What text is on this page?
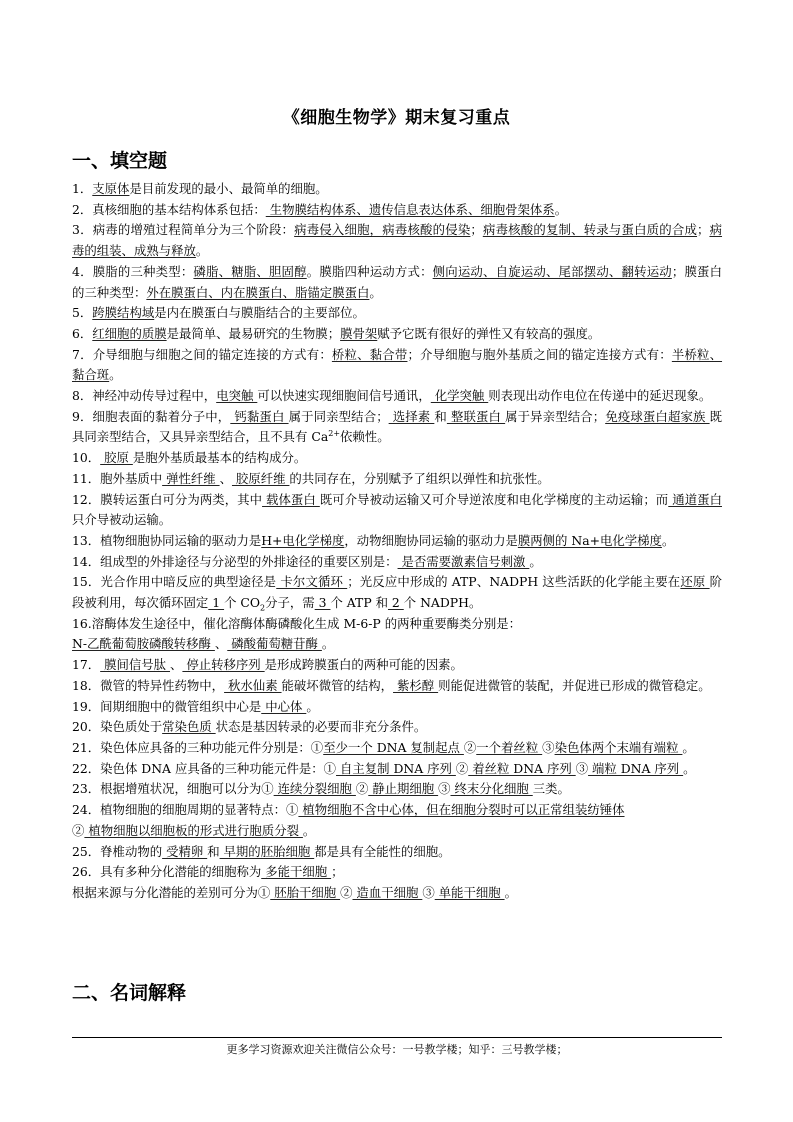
《细胞生物学》期末复习重点
一、填空题

1．支原体是目前发现的最小、最简单的细胞。

2．真核细胞的基本结构体系包括： 生物膜结构体系、遗传信息表达体系、细胞骨架体系。

3．病毒的增殖过程简单分为三个阶段：病毒侵入细胞，病毒核酸的侵染；病毒核酸的复制、转录与蛋白质的合成；病毒的组装、成熟与释放。

4．膜脂的三种类型：磷脂、糖脂、胆固醇。膜脂四种运动方式：侧向运动、自旋运动、尾部摆动、翻转运动；膜蛋白的三种类型：外在膜蛋白、内在膜蛋白、脂锚定膜蛋白。

5．跨膜结构域是内在膜蛋白与膜脂结合的主要部位。

6．红细胞的质膜是最简单、最易研究的生物膜；膜骨架赋予它既有很好的弹性又有较高的强度。

7．介导细胞与细胞之间的锚定连接的方式有：桥粒、黏合带；介导细胞与胞外基质之间的锚定连接方式有：半桥粒、黏合斑。

8．神经冲动传导过程中，电突触 可以快速实现细胞间信号通讯， 化学突触 则表现出动作电位在传递中的延迟现象。

9．细胞表面的黏着分子中， 钙黏蛋白 属于同亲型结合； 选择素 和 整联蛋白 属于异亲型结合；免疫球蛋白超家族 既具同亲型结合，又具异亲型结合，且不具有 $Ca^{2+}$依赖性。

10． 胶原 是胞外基质最基本的结构成分。

11．胞外基质中 弹性纤维 、 胶原纤维 的共同存在，分别赋予了组织以弹性和抗张性。

12．膜转运蛋白可分为两类，其中 载体蛋白 既可介导被动运输又可介导逆浓度和电化学梯度的主动运输；而 通道蛋白 只介导被动运输。

13．植物细胞协同运输的驱动力是H+电化学梯度，动物细胞协同运输的驱动力是膜两侧的 Na+电化学梯度。

14．组成型的外排途径与分泌型的外排途径的重要区别是： 是否需要激素信号刺激 。

15．光合作用中暗反应的典型途径是 卡尔文循环 ；光反应中形成的 ATP、NADPH 这些活跃的化学能主要在还原 阶段被利用，每次循环固定 1 个 $CO_2$分子，需 3 个 ATP 和 2 个 NADPH。

16.溶酶体发生途径中，催化溶酶体酶磷酸化生成 M-6-P 的两种重要酶类分别是：
N-乙酰葡萄胺磷酸转移酶 、 磷酸葡萄糖苷酶 。

17． 膜间信号肽 、 停止转移序列 是形成跨膜蛋白的两种可能的因素。

18．微管的特异性药物中， 秋水仙素 能破坏微管的结构， 紫杉醇 则能促进微管的装配，并促进已形成的微管稳定。

19．间期细胞中的微管组织中心是 中心体 。

20．染色质处于常染色质 状态是基因转录的必要而非充分条件。

21．染色体应具备的三种功能元件分别是：①至少一个 DNA 复制起点 ②一个着丝粒 ③染色体两个末端有端粒 。

22．染色体 DNA 应具备的三种功能元件是：① 自主复制 DNA 序列 ② 着丝粒 DNA 序列 ③ 端粒 DNA 序列 。

23．根据增殖状况，细胞可以分为① 连续分裂细胞 ② 静止期细胞 ③ 终末分化细胞 三类。

24．植物细胞的细胞周期的显著特点：① 植物细胞不含中心体，但在细胞分裂时可以正常组装纺锤体
② 植物细胞以细胞板的形式进行胞质分裂 。

25．脊椎动物的 受精卵 和 早期的胚胎细胞 都是具有全能性的细胞。

26．具有多种分化潜能的细胞称为 多能干细胞 ；

根据来源与分化潜能的差别可分为① 胚胎干细胞 ② 造血干细胞 ③ 单能干细胞 。

二、名词解释
更多学习资源欢迎关注微信公众号：一号教学楼；知乎：三号教学楼；
